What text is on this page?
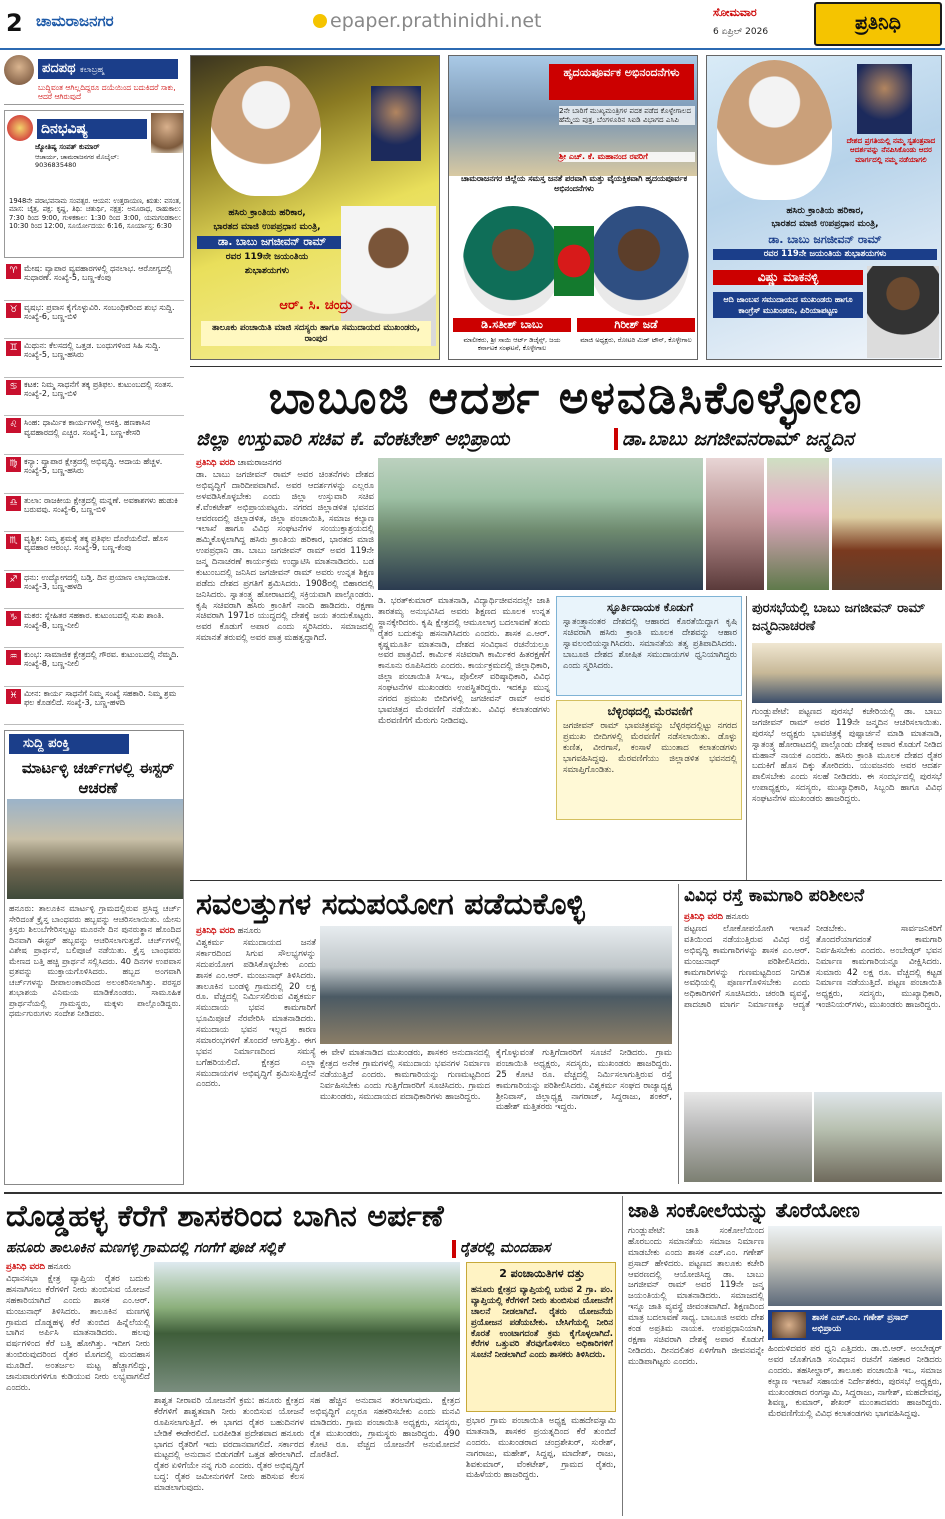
2 ಚಾಮರಾಜನಗರ	epaper.prathinidhi.net	ಸೋಮವಾರ
6 ಏಪ್ರಿಲ್ 2026	ಪ್ರತಿನಿಧಿ
ಪದಪಥ ಕಲಾಬ್ರಹ್ಮ
ಬುದ್ಧಿವಂತ ಆಗಿಲ್ಲದಿದ್ದರೂ ದಯೆಯಿಂದ ಬದುಕಿದರೆ ಸಾಕು, ಆದರೆ ಆಗಿರುವುದೆ
ದಿನಭವಿಷ್ಯ
ಜ್ಯೋತಿಷ್ಯ ಸಂಪತ್ ಕುಮಾರ್
ಆಚಾರ್ಯ, ಚಾಮರಾಜನಗರ ಮೊಬೈಲ್: 9036835480
1948ನೇ ಪರಾಭವನಾಮ ಸಂವತ್ಸರ. ಆಯನ: ಉತ್ತರಾಯಣ, ಋತು: ವಸಂತ, ಮಾಸ: ಚೈತ್ರ, ಪಕ್ಷ: ಕೃಷ್ಣ, ತಿಥಿ: ಚತುರ್ಥಿ, ನಕ್ಷತ್ರ: ಅನೂರಾಧ, ರಾಹುಕಾಲ: 7:30 ರಿಂದ 9:00, ಗುಳಿಕಕಾಲ: 1:30 ರಿಂದ 3:00, ಯಮಗಂಡಕಾಲ: 10:30 ರಿಂದ 12:00, ಸೂರ್ಯೋದಯ: 6:16, ಸೂರ್ಯಾಸ್ತ: 6:30
♈ ಮೇಷ: ವ್ಯಾಪಾರ ವ್ಯವಹಾರಗಳಲ್ಲಿ ಧನಲಾಭ. ಆರೋಗ್ಯದಲ್ಲಿ ಸುಧಾರಣೆ. ಸಂಖ್ಯೆ-5, ಬಣ್ಣ-ಕೆಂಪು
♉ ವೃಷಭ: ಪ್ರವಾಸ ಕೈಗೊಳ್ಳುವಿರಿ. ಸಂಬಂಧಿಕರಿಂದ ಶುಭ ಸುದ್ದಿ. ಸಂಖ್ಯೆ-6, ಬಣ್ಣ-ಬಿಳಿ
♊ ಮಿಥುನ: ಕೆಲಸದಲ್ಲಿ ಒತ್ತಡ. ಬಂಧುಗಳಿಂದ ಸಿಹಿ ಸುದ್ದಿ. ಸಂಖ್ಯೆ-5, ಬಣ್ಣ-ಹಸಿರು
♋ ಕಟಕ: ನಿಮ್ಮ ಸಾಧನೆಗೆ ತಕ್ಕ ಪ್ರತಿಫಲ. ಕುಟುಂಬದಲ್ಲಿ ಸಂತಸ. ಸಂಖ್ಯೆ-2, ಬಣ್ಣ-ಬಿಳಿ
♌ ಸಿಂಹ: ಧಾರ್ಮಿಕ ಕಾರ್ಯಗಳಲ್ಲಿ ಆಸಕ್ತಿ. ಹಣಕಾಸಿನ ವ್ಯವಹಾರದಲ್ಲಿ ಎಚ್ಚರ. ಸಂಖ್ಯೆ-1, ಬಣ್ಣ-ಕೇಸರಿ
♍ ಕನ್ಯಾ: ವ್ಯಾಪಾರ ಕ್ಷೇತ್ರದಲ್ಲಿ ಅಭಿವೃದ್ಧಿ. ಆದಾಯ ಹೆಚ್ಚಳ. ಸಂಖ್ಯೆ-5, ಬಣ್ಣ-ಹಸಿರು
♎ ತುಲಾ: ರಾಜಕೀಯ ಕ್ಷೇತ್ರದಲ್ಲಿ ಮನ್ನಣೆ. ಅವಕಾಶಗಳು ಹುಡುಕಿ ಬರುವವು. ಸಂಖ್ಯೆ-6, ಬಣ್ಣ-ಬಿಳಿ
♏ ವೃಶ್ಚಿಕ: ನಿಮ್ಮ ಶ್ರಮಕ್ಕೆ ತಕ್ಕ ಪ್ರತಿಫಲ ದೊರೆಯಲಿದೆ. ಹೊಸ ವ್ಯವಹಾರ ಆರಂಭ. ಸಂಖ್ಯೆ-9, ಬಣ್ಣ-ಕೆಂಪು
♐ ಧನು: ಉದ್ಯೋಗದಲ್ಲಿ ಬಡ್ತಿ. ದಿನ ಪ್ರಯಾಣ ಲಾಭದಾಯಕ. ಸಂಖ್ಯೆ-3, ಬಣ್ಣ-ಹಳದಿ
♑ ಮಕರ: ಸ್ನೇಹಿತರ ಸಹಕಾರ. ಕುಟುಂಬದಲ್ಲಿ ಸುಖ ಶಾಂತಿ. ಸಂಖ್ಯೆ-8, ಬಣ್ಣ-ನೀಲಿ
♒ ಕುಂಭ: ಸಾಮಾಜಿಕ ಕ್ಷೇತ್ರದಲ್ಲಿ ಗೌರವ. ಕುಟುಂಬದಲ್ಲಿ ನೆಮ್ಮದಿ. ಸಂಖ್ಯೆ-8, ಬಣ್ಣ-ನೀಲಿ
♓ ಮೀನ: ಕಾರ್ಯ ಸಾಧನೆಗೆ ನಿಮ್ಮ ಸಂಖ್ಯೆ ಸಹಕಾರಿ. ನಿಮ್ಮ ಶ್ರಮ ಫಲ ಕೊಡಲಿದೆ. ಸಂಖ್ಯೆ-3, ಬಣ್ಣ-ಹಳದಿ
ಸುದ್ದಿ ಪಂಕ್ತಿ
ಮಾರ್ಟಳ್ಳಿ ಚರ್ಚ್‌ಗಳಲ್ಲಿ ಈಸ್ಟರ್ ಆಚರಣೆ
ಹನೂರು: ತಾಲೂಕಿನ ಮಾರ್ಟಳ್ಳಿ ಗ್ರಾಮದಲ್ಲಿರುವ ಪ್ರಸಿದ್ಧ ಚರ್ಚ್ ಸೇರಿದಂತೆ ಕ್ರೈಸ್ತ ಬಾಂಧವರು ಹಬ್ಬವನ್ನು ಆಚರಿಸಲಾಯಿತು. ಯೇಸು ಕ್ರಿಸ್ತರು ಶಿಲುಬೆಗೇರಿಸಲ್ಪಟ್ಟು ಮೂರನೇ ದಿನ ಪುನರುತ್ಥಾನ ಹೊಂದಿದ ದಿನವಾಗಿ ಈಸ್ಟರ್ ಹಬ್ಬವನ್ನು ಆಚರಿಸಲಾಗುತ್ತದೆ. ಚರ್ಚ್‌ಗಳಲ್ಲಿ ವಿಶೇಷ ಪ್ರಾರ್ಥನೆ, ಬಲಿಪೂಜೆ ನಡೆಯಿತು. ಕ್ರೈಸ್ತ ಬಾಂಧವರು ಮೇಣದ ಬತ್ತಿ ಹಚ್ಚಿ ಪ್ರಾರ್ಥನೆ ಸಲ್ಲಿಸಿದರು. 40 ದಿನಗಳ ಉಪವಾಸ ವ್ರತವನ್ನು ಮುಕ್ತಾಯಗೊಳಿಸಿದರು. ಹಬ್ಬದ ಅಂಗವಾಗಿ ಚರ್ಚ್‌ಗಳನ್ನು ದೀಪಾಲಂಕಾರದಿಂದ ಅಲಂಕರಿಸಲಾಗಿತ್ತು. ಪರಸ್ಪರ ಶುಭಾಶಯ ವಿನಿಮಯ ಮಾಡಿಕೊಂಡರು. ಸಾಮೂಹಿಕ ಪ್ರಾರ್ಥನೆಯಲ್ಲಿ ಗ್ರಾಮಸ್ಥರು, ಮಕ್ಕಳು ಪಾಲ್ಗೊಂಡಿದ್ದರು. ಧರ್ಮಗುರುಗಳು ಸಂದೇಶ ನೀಡಿದರು.
ಹಸಿರು ಕ್ರಾಂತಿಯ ಹರಿಕಾರ,
ಭಾರತದ ಮಾಜಿ ಉಪಪ್ರಧಾನ ಮಂತ್ರಿ,
ಡಾ. ಬಾಬು ಜಗಜೀವನ್ ರಾಮ್
ರವರ 119ನೇ ಜಯಂತಿಯ
ಶುಭಾಶಯಗಳು
ಆರ್. ಸಿ. ಚಂದ್ರು
ತಾಲೂಕು ಪಂಚಾಯಿತಿ ಮಾಜಿ ಸದಸ್ಯರು ಹಾಗೂ ಸಮುದಾಯದ ಮುಖಂಡರು, ರಾಂಪುರ
ಹೃದಯಪೂರ್ವಕ ಅಭಿನಂದನೆಗಳು
2ನೇ ಬಾರಿಗೆ ಮುಖ್ಯಮಂತ್ರಿಗಳ ಪದಕ ಪಡೆದ ಕೊಳ್ಳೇಗಾಲದ ಹೆಮ್ಮೆಯ ಪುತ್ರ, ಬೆಂಗಳೂರಿನ ಸಿಐಡಿ ವಿಭಾಗದ ಎಸಿಪಿ
ಶ್ರೀ ಎಚ್. ಕೆ. ಮಹಾನಂದ ರವರಿಗೆ
ಚಾಮರಾಜನಗರ ಜಿಲ್ಲೆಯ ಸಮಸ್ತ ಜನತೆ ಪರವಾಗಿ ಮತ್ತು ವೈಯಕ್ತಿಕವಾಗಿ ಹೃದಯಪೂರ್ವಕ ಅಭಿನಂದನೆಗಳು
ಡಿ.ಸತೀಶ್ ಬಾಬು	ಗಿರೀಶ್ ಜಡೆ
ಮಾಲೀಕರು, ಶ್ರೀ ಸಾಯಿ ಆರ್ಟ್ ಡಿಜೈನ್ಸ್, ಜಯ ಕರ್ನಾಟಕ ಸಂಘಟನೆ, ಕೊಳ್ಳೇಗಾಲ
ಮಾಜಿ ಅಧ್ಯಕ್ಷರು, ರೋಟರಿ ಮಿಡ್ ಟೌನ್, ಕೊಳ್ಳೇಗಾಲ
ದೇಶದ ಪ್ರಗತಿಯಲ್ಲಿ ನಮ್ಮ ಸ್ವತಂತ್ರವಾದ ಆದರ್ಶವನ್ನು ನೆನಪಿಸಿಕೊಂಡು ಆದರ ಮಾರ್ಗದಲ್ಲಿ ನಮ್ಮ ನಡೆಯಾಗಲಿ
ಹಸಿರು ಕ್ರಾಂತಿಯ ಹರಿಕಾರ,
ಭಾರತದ ಮಾಜಿ ಉಪಪ್ರಧಾನ ಮಂತ್ರಿ,
ಡಾ. ಬಾಬು ಜಗಜೀವನ್ ರಾಮ್
ರವರ 119ನೇ ಜಯಂತಿಯ ಶುಭಾಶಯಗಳು
ವಿಷ್ಣು ಮಾಕನಳ್ಳಿ
ಆದಿ ಜಾಂಬವ ಸಮುದಾಯದ ಮುಖಂಡರು ಹಾಗೂ ಕಾಂಗ್ರೆಸ್ ಮುಖಂಡರು, ಪಿರಿಯಾಪಟ್ಟಣ
ಬಾಬೂಜಿ ಆದರ್ಶ ಅಳವಡಿಸಿಕೊಳ್ಳೋಣ
ಜಿಲ್ಲಾ ಉಸ್ತುವಾರಿ ಸಚಿವ ಕೆ. ವೆಂಕಟೇಶ್ ಅಭಿಪ್ರಾಯ	ಡಾ.ಬಾಬು ಜಗಜೀವನರಾಮ್ ಜನ್ಮದಿನ
ಪ್ರತಿನಿಧಿ ವರದಿ ಚಾಮರಾಜನಗರ
ಡಾ. ಬಾಬು ಜಗಜೀವನ್ ರಾಮ್ ಅವರ ಚಿಂತನೆಗಳು ದೇಶದ ಅಭಿವೃದ್ಧಿಗೆ ದಾರಿದೀಪವಾಗಿವೆ. ಅವರ ಆದರ್ಶಗಳನ್ನು ಎಲ್ಲರೂ ಅಳವಡಿಸಿಕೊಳ್ಳಬೇಕು ಎಂದು ಜಿಲ್ಲಾ ಉಸ್ತುವಾರಿ ಸಚಿವ ಕೆ.ವೆಂಕಟೇಶ್ ಅಭಿಪ್ರಾಯಪಟ್ಟರು. ನಗರದ ಜಿಲ್ಲಾಡಳಿತ ಭವನದ ಆವರಣದಲ್ಲಿ ಜಿಲ್ಲಾಡಳಿತ, ಜಿಲ್ಲಾ ಪಂಚಾಯಿತಿ, ಸಮಾಜ ಕಲ್ಯಾಣ ಇಲಾಖೆ ಹಾಗೂ ವಿವಿಧ ಸಂಘಟನೆಗಳ ಸಂಯುಕ್ತಾಶ್ರಯದಲ್ಲಿ ಹಮ್ಮಿಕೊಳ್ಳಲಾಗಿದ್ದ ಹಸಿರು ಕ್ರಾಂತಿಯ ಹರಿಕಾರ, ಭಾರತದ ಮಾಜಿ ಉಪಪ್ರಧಾನಿ ಡಾ. ಬಾಬು ಜಗಜೀವನ್ ರಾಮ್ ಅವರ 119ನೇ ಜನ್ಮ ದಿನಾಚರಣೆ ಕಾರ್ಯಕ್ರಮ ಉದ್ಘಾಟಿಸಿ ಮಾತನಾಡಿದರು. ಬಡ ಕುಟುಂಬದಲ್ಲಿ ಜನಿಸಿದ ಜಗಜೀವನ್ ರಾಮ್ ಅವರು ಉನ್ನತ ಶಿಕ್ಷಣ ಪಡೆದು ದೇಶದ ಪ್ರಗತಿಗೆ ಶ್ರಮಿಸಿದರು. 1908ರಲ್ಲಿ ಬಿಹಾರದಲ್ಲಿ ಜನಿಸಿದರು. ಸ್ವಾತಂತ್ರ್ಯ ಹೋರಾಟದಲ್ಲಿ ಸಕ್ರಿಯವಾಗಿ ಪಾಲ್ಗೊಂಡರು. ಕೃಷಿ ಸಚಿವರಾಗಿ ಹಸಿರು ಕ್ರಾಂತಿಗೆ ನಾಂದಿ ಹಾಡಿದರು. ರಕ್ಷಣಾ ಸಚಿವರಾಗಿ 1971ರ ಯುದ್ಧದಲ್ಲಿ ದೇಶಕ್ಕೆ ಜಯ ತಂದುಕೊಟ್ಟರು. ಅವರ ಕೊಡುಗೆ ಅಪಾರ ಎಂದು ಸ್ಮರಿಸಿದರು. ಸಮಾಜದಲ್ಲಿ ಸಮಾನತೆ ತರುವಲ್ಲಿ ಅವರ ಪಾತ್ರ ಮಹತ್ವದ್ದಾಗಿದೆ.
ಡಿ. ಭರತ್‌ಕುಮಾರ್ ಮಾತನಾಡಿ, ವಿದ್ಯಾರ್ಥಿಜೀವನದಲ್ಲೇ ಜಾತಿ ತಾರತಮ್ಯ ಅನುಭವಿಸಿದ ಅವರು ಶಿಕ್ಷಣದ ಮೂಲಕ ಉನ್ನತ ಸ್ಥಾನಕ್ಕೇರಿದರು. ಕೃಷಿ ಕ್ಷೇತ್ರದಲ್ಲಿ ಆಮೂಲಾಗ್ರ ಬದಲಾವಣೆ ತಂದು ರೈತರ ಬದುಕನ್ನು ಹಸನಾಗಿಸಿದರು ಎಂದರು. ಶಾಸಕ ಎ.ಆರ್. ಕೃಷ್ಣಮೂರ್ತಿ ಮಾತನಾಡಿ, ದೇಶದ ಸಂವಿಧಾನ ರಚನೆಯಲ್ಲೂ ಅವರ ಪಾತ್ರವಿದೆ. ಕಾರ್ಮಿಕ ಸಚಿವರಾಗಿ ಕಾರ್ಮಿಕರ ಹಿತರಕ್ಷಣೆಗೆ ಕಾನೂನು ರೂಪಿಸಿದರು ಎಂದರು. ಕಾರ್ಯಕ್ರಮದಲ್ಲಿ ಜಿಲ್ಲಾಧಿಕಾರಿ, ಜಿಲ್ಲಾ ಪಂಚಾಯಿತಿ ಸಿಇಒ, ಪೊಲೀಸ್ ವರಿಷ್ಠಾಧಿಕಾರಿ, ವಿವಿಧ ಸಂಘಟನೆಗಳ ಮುಖಂಡರು ಉಪಸ್ಥಿತರಿದ್ದರು. ಇದಕ್ಕೂ ಮುನ್ನ ನಗರದ ಪ್ರಮುಖ ಬೀದಿಗಳಲ್ಲಿ ಜಗಜೀವನ್ ರಾಮ್ ಅವರ ಭಾವಚಿತ್ರದ ಮೆರವಣಿಗೆ ನಡೆಯಿತು. ವಿವಿಧ ಕಲಾತಂಡಗಳು ಮೆರವಣಿಗೆಗೆ ಮೆರುಗು ನೀಡಿದವು.
ಸ್ಫೂರ್ತಿದಾಯಕ ಕೊಡುಗೆ
ಸ್ವಾತಂತ್ರ್ಯಾನಂತರ ದೇಶದಲ್ಲಿ ಆಹಾರದ ಕೊರತೆಯಿದ್ದಾಗ ಕೃಷಿ ಸಚಿವರಾಗಿ ಹಸಿರು ಕ್ರಾಂತಿ ಮೂಲಕ ದೇಶವನ್ನು ಆಹಾರ ಸ್ವಾವಲಂಬಿಯನ್ನಾಗಿಸಿದರು. ಸಮಾನತೆಯ ತತ್ವ ಪ್ರತಿಪಾದಿಸಿದರು. ಬಾಬೂಜಿ ದೇಶದ ಶೋಷಿತ ಸಮುದಾಯಗಳ ಧ್ವನಿಯಾಗಿದ್ದರು ಎಂದು ಸ್ಮರಿಸಿದರು.
ಬೆಳ್ಳಿರಥದಲ್ಲಿ ಮೆರವಣಿಗೆ
ಜಗಜೀವನ್ ರಾಮ್ ಭಾವಚಿತ್ರವನ್ನು ಬೆಳ್ಳಿರಥದಲ್ಲಿಟ್ಟು ನಗರದ ಪ್ರಮುಖ ಬೀದಿಗಳಲ್ಲಿ ಮೆರವಣಿಗೆ ನಡೆಸಲಾಯಿತು. ಡೊಳ್ಳು ಕುಣಿತ, ವೀರಗಾಸೆ, ಕಂಸಾಳೆ ಮುಂತಾದ ಕಲಾತಂಡಗಳು ಭಾಗವಹಿಸಿದ್ದವು. ಮೆರವಣಿಗೆಯು ಜಿಲ್ಲಾಡಳಿತ ಭವನದಲ್ಲಿ ಸಮಾಪ್ತಿಗೊಂಡಿತು.
ಪುರಸಭೆಯಲ್ಲಿ ಬಾಬು ಜಗಜೀವನ್ ರಾಮ್ ಜನ್ಮದಿನಾಚರಣೆ
ಗುಂಡ್ಲುಪೇಟೆ: ಪಟ್ಟಣದ ಪುರಸಭೆ ಕಚೇರಿಯಲ್ಲಿ ಡಾ. ಬಾಬು ಜಗಜೀವನ್ ರಾಮ್ ಅವರ 119ನೇ ಜನ್ಮದಿನ ಆಚರಿಸಲಾಯಿತು. ಪುರಸಭೆ ಅಧ್ಯಕ್ಷರು ಭಾವಚಿತ್ರಕ್ಕೆ ಪುಷ್ಪಾರ್ಚನೆ ಮಾಡಿ ಮಾತನಾಡಿ, ಸ್ವಾತಂತ್ರ್ಯ ಹೋರಾಟದಲ್ಲಿ ಪಾಲ್ಗೊಂಡು ದೇಶಕ್ಕೆ ಅಪಾರ ಕೊಡುಗೆ ನೀಡಿದ ಮಹಾನ್ ನಾಯಕ ಎಂದರು. ಹಸಿರು ಕ್ರಾಂತಿ ಮೂಲಕ ದೇಶದ ರೈತರ ಬದುಕಿಗೆ ಹೊಸ ದಿಕ್ಕು ತೋರಿದರು. ಯುವಜನರು ಅವರ ಆದರ್ಶ ಪಾಲಿಸಬೇಕು ಎಂದು ಸಲಹೆ ನೀಡಿದರು. ಈ ಸಂದರ್ಭದಲ್ಲಿ ಪುರಸಭೆ ಉಪಾಧ್ಯಕ್ಷರು, ಸದಸ್ಯರು, ಮುಖ್ಯಾಧಿಕಾರಿ, ಸಿಬ್ಬಂದಿ ಹಾಗೂ ವಿವಿಧ ಸಂಘಟನೆಗಳ ಮುಖಂಡರು ಹಾಜರಿದ್ದರು.
ಸವಲತ್ತುಗಳ ಸದುಪಯೋಗ ಪಡೆದುಕೊಳ್ಳಿ
ಪ್ರತಿನಿಧಿ ವರದಿ ಹನೂರು
ವಿಶ್ವಕರ್ಮ ಸಮುದಾಯದ ಜನತೆ ಸರ್ಕಾರದಿಂದ ಸಿಗುವ ಸೌಲಭ್ಯಗಳನ್ನು ಸದುಪಯೋಗ ಪಡಿಸಿಕೊಳ್ಳಬೇಕು ಎಂದು ಶಾಸಕ ಎಂ.ಆರ್. ಮಂಜುನಾಥ್ ತಿಳಿಸಿದರು. ತಾಲೂಕಿನ ಬಂಡಳ್ಳಿ ಗ್ರಾಮದಲ್ಲಿ 20 ಲಕ್ಷ ರೂ. ವೆಚ್ಚದಲ್ಲಿ ನಿರ್ಮಿಸಲಿರುವ ವಿಶ್ವಕರ್ಮ ಸಮುದಾಯ ಭವನ ಕಾಮಗಾರಿಗೆ ಭೂಮಿಪೂಜೆ ನೆರವೇರಿಸಿ ಮಾತನಾಡಿದರು. ಸಮುದಾಯ ಭವನ ಇಲ್ಲದ ಕಾರಣ ಸಮಾರಂಭಗಳಿಗೆ ತೊಂದರೆ ಆಗುತ್ತಿತ್ತು. ಈಗ ಭವನ ನಿರ್ಮಾಣದಿಂದ ಸಮಸ್ಯೆ ಬಗೆಹರಿಯಲಿದೆ. ಕ್ಷೇತ್ರದ ಎಲ್ಲಾ ಸಮುದಾಯಗಳ ಅಭಿವೃದ್ಧಿಗೆ ಶ್ರಮಿಸುತ್ತಿದ್ದೇನೆ ಎಂದರು.
ಈ ವೇಳೆ ಮಾತನಾಡಿದ ಮುಖಂಡರು, ಶಾಸಕರ ಅನುದಾನದಲ್ಲಿ ಕ್ಷೇತ್ರದ ಅನೇಕ ಗ್ರಾಮಗಳಲ್ಲಿ ಸಮುದಾಯ ಭವನಗಳ ನಿರ್ಮಾಣ ನಡೆಯುತ್ತಿದೆ ಎಂದರು. ಕಾಮಗಾರಿಯನ್ನು ಗುಣಮಟ್ಟದಿಂದ ನಿರ್ವಹಿಸಬೇಕು ಎಂದು ಗುತ್ತಿಗೆದಾರರಿಗೆ ಸೂಚಿಸಿದರು. ಗ್ರಾಮದ ಮುಖಂಡರು, ಸಮುದಾಯದ ಪದಾಧಿಕಾರಿಗಳು ಹಾಜರಿದ್ದರು.
ಕೈಗೊಳ್ಳುವಂತೆ ಗುತ್ತಿಗೆದಾರರಿಗೆ ಸೂಚನೆ ನೀಡಿದರು. ಗ್ರಾಮ ಪಂಚಾಯಿತಿ ಅಧ್ಯಕ್ಷರು, ಸದಸ್ಯರು, ಮುಖಂಡರು ಹಾಜರಿದ್ದರು. 25 ಕೋಟಿ ರೂ. ವೆಚ್ಚದಲ್ಲಿ ನಿರ್ಮಿಸಲಾಗುತ್ತಿರುವ ರಸ್ತೆ ಕಾಮಗಾರಿಯನ್ನು ಪರಿಶೀಲಿಸಿದರು. ವಿಶ್ವಕರ್ಮ ಸಂಘದ ರಾಜ್ಯಾಧ್ಯಕ್ಷ ಶ್ರೀನಿವಾಸ್, ಜಿಲ್ಲಾಧ್ಯಕ್ಷ ನಾಗರಾಜ್, ಸಿದ್ದರಾಜು, ಶಂಕರ್, ಮಹೇಶ್ ಮತ್ತಿತರರು ಇದ್ದರು.
ವಿವಿಧ ರಸ್ತೆ ಕಾಮಗಾರಿ ಪರಿಶೀಲನೆ
ಪ್ರತಿನಿಧಿ ವರದಿ ಹನೂರು
ಪಟ್ಟಣದ ಲೋಕೋಪಯೋಗಿ ಇಲಾಖೆ ವತಿಯಿಂದ ನಡೆಯುತ್ತಿರುವ ವಿವಿಧ ರಸ್ತೆ ಅಭಿವೃದ್ಧಿ ಕಾಮಗಾರಿಗಳನ್ನು ಶಾಸಕ ಎಂ.ಆರ್. ಮಂಜುನಾಥ್ ಪರಿಶೀಲಿಸಿದರು. ಕಾಮಗಾರಿಗಳನ್ನು ಗುಣಮಟ್ಟದಿಂದ ನಿಗದಿತ ಅವಧಿಯಲ್ಲಿ ಪೂರ್ಣಗೊಳಿಸಬೇಕು ಎಂದು ಅಧಿಕಾರಿಗಳಿಗೆ ಸೂಚಿಸಿದರು. ಚರಂಡಿ ವ್ಯವಸ್ಥೆ, ಪಾದಚಾರಿ ಮಾರ್ಗ ನಿರ್ಮಾಣಕ್ಕೂ ಆದ್ಯತೆ ನೀಡಬೇಕು. ಸಾರ್ವಜನಿಕರಿಗೆ ತೊಂದರೆಯಾಗದಂತೆ ಕಾಮಗಾರಿ ನಿರ್ವಹಿಸಬೇಕು ಎಂದರು. ಅಂಬೇಡ್ಕರ್ ಭವನ ನಿರ್ಮಾಣ ಕಾಮಗಾರಿಯನ್ನೂ ವೀಕ್ಷಿಸಿದರು. ಸುಮಾರು 42 ಲಕ್ಷ ರೂ. ವೆಚ್ಚದಲ್ಲಿ ಕಟ್ಟಡ ನಿರ್ಮಾಣ ನಡೆಯುತ್ತಿದೆ. ಪಟ್ಟಣ ಪಂಚಾಯಿತಿ ಅಧ್ಯಕ್ಷರು, ಸದಸ್ಯರು, ಮುಖ್ಯಾಧಿಕಾರಿ, ಇಂಜಿನಿಯರ್‌ಗಳು, ಮುಖಂಡರು ಹಾಜರಿದ್ದರು.
ದೊಡ್ಡಹಳ್ಳ ಕೆರೆಗೆ ಶಾಸಕರಿಂದ ಬಾಗಿನ ಅರ್ಪಣೆ
ಹನೂರು ತಾಲೂಕಿನ ಮಣಗಳ್ಳಿ ಗ್ರಾಮದಲ್ಲಿ ಗಂಗೆಗೆ ಪೂಜೆ ಸಲ್ಲಿಕೆ	ರೈತರಲ್ಲಿ ಮಂದಹಾಸ
ಪ್ರತಿನಿಧಿ ವರದಿ ಹನೂರು
ವಿಧಾನಸಭಾ ಕ್ಷೇತ್ರ ವ್ಯಾಪ್ತಿಯ ರೈತರ ಬದುಕು ಹಸನಾಗಿಸಲು ಕೆರೆಗಳಿಗೆ ನೀರು ತುಂಬಿಸುವ ಯೋಜನೆ ಸಹಕಾರಿಯಾಗಿದೆ ಎಂದು ಶಾಸಕ ಎಂ.ಆರ್. ಮಂಜುನಾಥ್ ತಿಳಿಸಿದರು. ತಾಲೂಕಿನ ಮಣಗಳ್ಳಿ ಗ್ರಾಮದ ದೊಡ್ಡಹಳ್ಳ ಕೆರೆ ತುಂಬಿದ ಹಿನ್ನೆಲೆಯಲ್ಲಿ ಬಾಗಿನ ಅರ್ಪಿಸಿ ಮಾತನಾಡಿದರು. ಹಲವು ವರ್ಷಗಳಿಂದ ಕೆರೆ ಬತ್ತಿ ಹೋಗಿತ್ತು. ಇದೀಗ ನೀರು ತುಂಬಿರುವುದರಿಂದ ರೈತರ ಮೊಗದಲ್ಲಿ ಮಂದಹಾಸ ಮೂಡಿದೆ. ಅಂತರ್ಜಲ ಮಟ್ಟ ಹೆಚ್ಚಾಗಲಿದ್ದು, ಜಾನುವಾರುಗಳಿಗೂ ಕುಡಿಯುವ ನೀರು ಲಭ್ಯವಾಗಲಿದೆ ಎಂದರು.
ಶಾಶ್ವತ ನೀರಾವರಿ ಯೋಜನೆಗೆ ಕ್ರಮ: ಹನೂರು ಕ್ಷೇತ್ರದ ಕೆರೆಗಳಿಗೆ ಶಾಶ್ವತವಾಗಿ ನೀರು ತುಂಬಿಸುವ ಯೋಜನೆ ರೂಪಿಸಲಾಗುತ್ತಿದೆ. ಈ ಭಾಗದ ರೈತರ ಬಹುದಿನಗಳ ಬೇಡಿಕೆ ಈಡೇರಲಿದೆ. ಬರಪೀಡಿತ ಪ್ರದೇಶವಾದ ಹನೂರು ಭಾಗದ ರೈತರಿಗೆ ಇದು ವರದಾನವಾಗಲಿದೆ. ಸರ್ಕಾರದ ಮಟ್ಟದಲ್ಲಿ ಅನುದಾನ ಬಿಡುಗಡೆಗೆ ಒತ್ತಡ ಹೇರಲಾಗಿದೆ. ರೈತರ ಏಳಿಗೆಯೇ ನನ್ನ ಗುರಿ ಎಂದರು. ರೈತರ ಅಭಿವೃದ್ಧಿಗೆ ಬದ್ಧ: ರೈತರ ಜಮೀನುಗಳಿಗೆ ನೀರು ಹರಿಸುವ ಕೆಲಸ ಮಾಡಲಾಗುವುದು.
ಸಹ ಹೆಚ್ಚಿನ ಅನುದಾನ ತರಲಾಗುವುದು. ಕ್ಷೇತ್ರದ ಅಭಿವೃದ್ಧಿಗೆ ಎಲ್ಲರೂ ಸಹಕರಿಸಬೇಕು ಎಂದು ಮನವಿ ಮಾಡಿದರು. ಗ್ರಾಮ ಪಂಚಾಯಿತಿ ಅಧ್ಯಕ್ಷರು, ಸದಸ್ಯರು, ರೈತ ಮುಖಂಡರು, ಗ್ರಾಮಸ್ಥರು ಹಾಜರಿದ್ದರು. 490 ಕೋಟಿ ರೂ. ವೆಚ್ಚದ ಯೋಜನೆಗೆ ಅನುಮೋದನೆ ದೊರೆತಿದೆ.
2 ಪಂಚಾಯಿತಿಗಳ ದತ್ತು
ಹನೂರು ಕ್ಷೇತ್ರದ ವ್ಯಾಪ್ತಿಯಲ್ಲಿ ಬರುವ 2 ಗ್ರಾ. ಪಂ. ವ್ಯಾಪ್ತಿಯಲ್ಲಿ ಕೆರೆಗಳಿಗೆ ನೀರು ತುಂಬಿಸುವ ಯೋಜನೆಗೆ ಚಾಲನೆ ನೀಡಲಾಗಿದೆ. ರೈತರು ಯೋಜನೆಯ ಪ್ರಯೋಜನ ಪಡೆಯಬೇಕು. ಬೇಸಿಗೆಯಲ್ಲಿ ನೀರಿನ ಕೊರತೆ ಉಂಟಾಗದಂತೆ ಕ್ರಮ ಕೈಗೊಳ್ಳಲಾಗಿದೆ. ಕೆರೆಗಳ ಒತ್ತುವರಿ ತೆರವುಗೊಳಿಸಲು ಅಧಿಕಾರಿಗಳಿಗೆ ಸೂಚನೆ ನೀಡಲಾಗಿದೆ ಎಂದು ಶಾಸಕರು ತಿಳಿಸಿದರು.
ಪ್ರಭಾರ ಗ್ರಾಮ ಪಂಚಾಯಿತಿ ಅಧ್ಯಕ್ಷ ಮಹದೇವಸ್ವಾಮಿ ಮಾತನಾಡಿ, ಶಾಸಕರ ಪ್ರಯತ್ನದಿಂದ ಕೆರೆ ತುಂಬಿದೆ ಎಂದರು. ಮುಖಂಡರಾದ ಚಂದ್ರಶೇಖರ್, ಸುರೇಶ್, ನಾಗರಾಜು, ಮಹೇಶ್, ಸಿದ್ದಪ್ಪ, ಮಾದೇಶ್, ರಾಜು, ಶಿವಕುಮಾರ್, ವೆಂಕಟೇಶ್, ಗ್ರಾಮದ ರೈತರು, ಮಹಿಳೆಯರು ಹಾಜರಿದ್ದರು.
ಜಾತಿ ಸಂಕೋಲೆಯನ್ನು ತೊರೆಯೋಣ
ಗುಂಡ್ಲುಪೇಟೆ: ಜಾತಿ ಸಂಕೋಲೆಯಿಂದ ಹೊರಬಂದು ಸಮಾನತೆಯ ಸಮಾಜ ನಿರ್ಮಾಣ ಮಾಡಬೇಕು ಎಂದು ಶಾಸಕ ಎಚ್.ಎಂ. ಗಣೇಶ್ ಪ್ರಸಾದ್ ಹೇಳಿದರು. ಪಟ್ಟಣದ ತಾಲೂಕು ಕಚೇರಿ ಆವರಣದಲ್ಲಿ ಆಯೋಜಿಸಿದ್ದ ಡಾ. ಬಾಬು ಜಗಜೀವನ್ ರಾಮ್ ಅವರ 119ನೇ ಜನ್ಮ ಜಯಂತಿಯಲ್ಲಿ ಮಾತನಾಡಿದರು. ಸಮಾಜದಲ್ಲಿ ಇನ್ನೂ ಜಾತಿ ವ್ಯವಸ್ಥೆ ಜೀವಂತವಾಗಿದೆ. ಶಿಕ್ಷಣದಿಂದ ಮಾತ್ರ ಬದಲಾವಣೆ ಸಾಧ್ಯ. ಬಾಬೂಜಿ ಅವರು ದೇಶ ಕಂಡ ಅಪ್ರತಿಮ ನಾಯಕ. ಉಪಪ್ರಧಾನಿಯಾಗಿ, ರಕ್ಷಣಾ ಸಚಿವರಾಗಿ ದೇಶಕ್ಕೆ ಅಪಾರ ಕೊಡುಗೆ ನೀಡಿದರು. ದೀನದಲಿತರ ಏಳಿಗೆಗಾಗಿ ಜೀವನವನ್ನೇ ಮುಡಿಪಾಗಿಟ್ಟರು ಎಂದರು.
ಶಾಸಕ ಎಚ್.ಎಂ. ಗಣೇಶ್ ಪ್ರಸಾದ್ ಅಭಿಪ್ರಾಯ
ಹಿಂದುಳಿದವರ ಪರ ಧ್ವನಿ ಎತ್ತಿದರು. ಡಾ.ಬಿ.ಆರ್. ಅಂಬೇಡ್ಕರ್ ಅವರ ಜೊತೆಗೂಡಿ ಸಂವಿಧಾನ ರಚನೆಗೆ ಸಹಕಾರ ನೀಡಿದರು ಎಂದರು. ತಹಸೀಲ್ದಾರ್, ತಾಲೂಕು ಪಂಚಾಯಿತಿ ಇಒ, ಸಮಾಜ ಕಲ್ಯಾಣ ಇಲಾಖೆ ಸಹಾಯಕ ನಿರ್ದೇಶಕರು, ಪುರಸಭೆ ಅಧ್ಯಕ್ಷರು, ಮುಖಂಡರಾದ ರಂಗಸ್ವಾಮಿ, ಸಿದ್ದರಾಜು, ನಾಗೇಶ್, ಮಹದೇವಪ್ಪ, ಶಿವಣ್ಣ, ಕುಮಾರ್, ಶೇಖರ್ ಮುಂತಾದವರು ಹಾಜರಿದ್ದರು. ಮೆರವಣಿಗೆಯಲ್ಲಿ ವಿವಿಧ ಕಲಾತಂಡಗಳು ಭಾಗವಹಿಸಿದ್ದವು.
